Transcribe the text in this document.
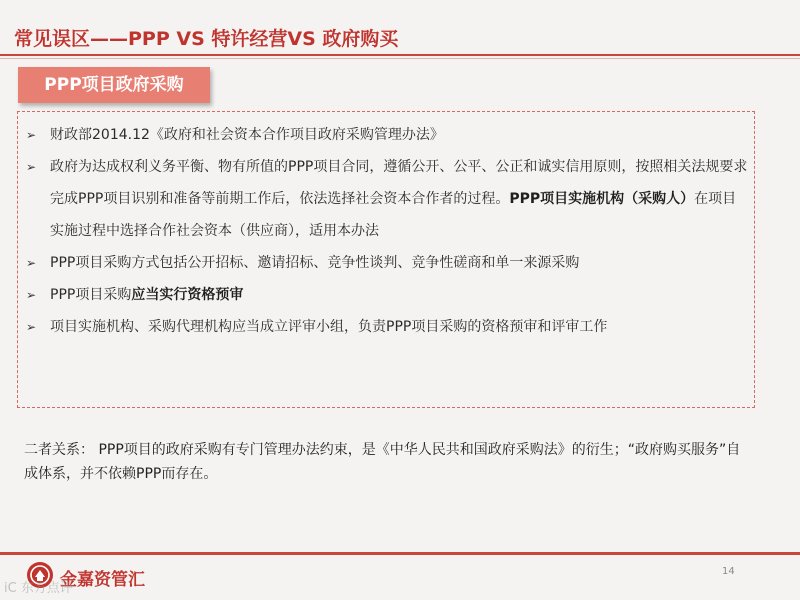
常见误区——PPP VS 特许经营VS 政府购买
PPP项目政府采购
➢ 财政部2014.12《政府和社会资本合作项目政府采购管理办法》
➢ 政府为达成权利义务平衡、物有所值的PPP项目合同，遵循公开、公平、公正和诚实信用原则，按照相关法规要求完成PPP项目识别和准备等前期工作后，依法选择社会资本合作者的过程。PPP项目实施机构（采购人）在项目实施过程中选择合作社会资本（供应商），适用本办法
➢ PPP项目采购方式包括公开招标、邀请招标、竞争性谈判、竞争性磋商和单一来源采购
➢ PPP项目采购应当实行资格预审
➢ 项目实施机构、采购代理机构应当成立评审小组，负责PPP项目采购的资格预审和评审工作
二者关系： PPP项目的政府采购有专门管理办法约束，是《中华人民共和国政府采购法》的衍生；“政府购买服务”自成体系，并不依赖PPP而存在。
金嘉资管汇	14
iC 东方点评
